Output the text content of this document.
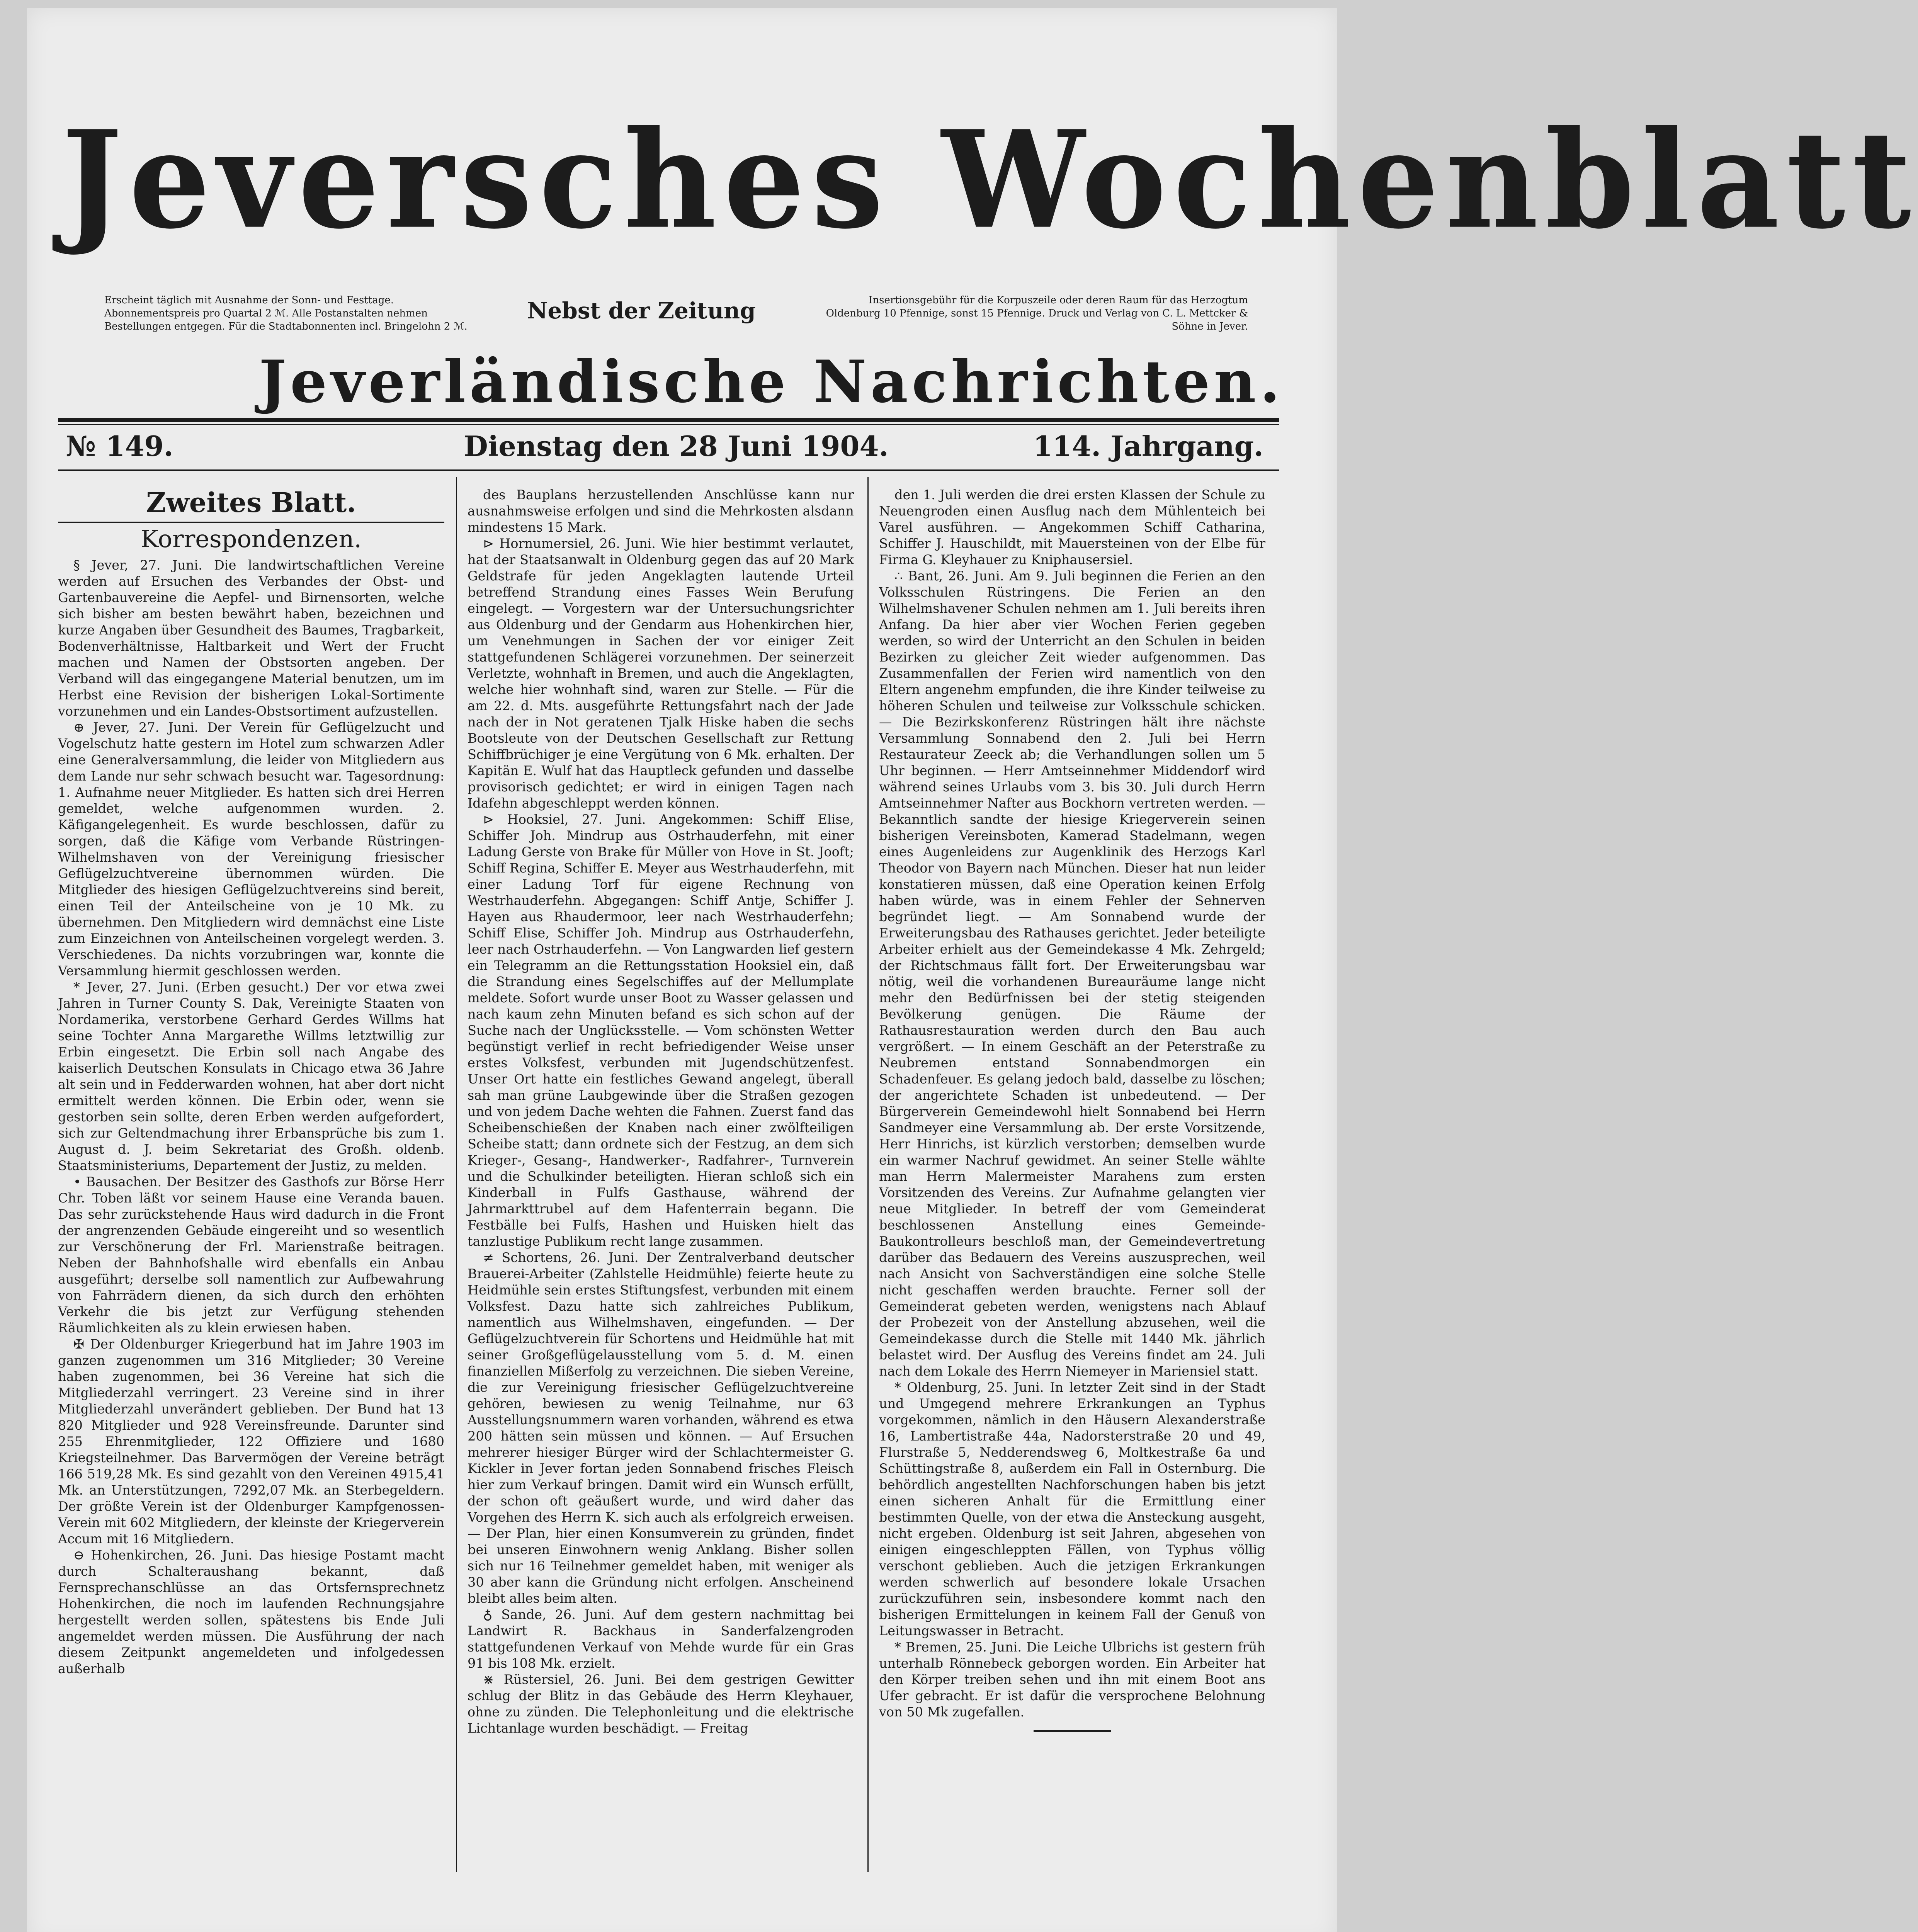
Jeversches Wochenblatt
Erscheint täglich mit Ausnahme der Sonn- und Festtage. Abonnementspreis pro Quartal 2 ℳ. Alle Postanstalten nehmen Bestellungen entgegen. Für die Stadtabonnenten incl. Bringelohn 2 ℳ.
Nebst der Zeitung	Insertionsgebühr für die Korpuszeile oder deren Raum für das Herzogtum Oldenburg 10 Pfennige, sonst 15 Pfennige. Druck und Verlag von C. L. Mettcker & Söhne in Jever.
Jeverländische Nachrichten.
№ 149.	Dienstag den 28 Juni 1904.	114. Jahrgang.
Zweites Blatt.
Korrespondenzen.

§ Jever, 27. Juni. Die landwirtschaftlichen Vereine werden auf Ersuchen des Verbandes der Obst- und Gartenbauvereine die Aepfel- und Birnensorten, welche sich bisher am besten bewährt haben, bezeichnen und kurze Angaben über Gesundheit des Baumes, Tragbarkeit, Bodenverhältnisse, Haltbarkeit und Wert der Frucht machen und Namen der Obstsorten angeben. Der Verband will das eingegangene Material benutzen, um im Herbst eine Revision der bisherigen Lokal-Sortimente vorzunehmen und ein Landes-Obstsortiment aufzustellen.

⊕ Jever, 27. Juni. Der Verein für Geflügelzucht und Vogelschutz hatte gestern im Hotel zum schwarzen Adler eine Generalversammlung, die leider von Mitgliedern aus dem Lande nur sehr schwach besucht war. Tagesordnung: 1. Aufnahme neuer Mitglieder. Es hatten sich drei Herren gemeldet, welche aufgenommen wurden. 2. Käfigangelegenheit. Es wurde beschlossen, dafür zu sorgen, daß die Käfige vom Verbande Rüstringen-Wilhelmshaven von der Vereinigung friesischer Geflügelzuchtvereine übernommen würden. Die Mitglieder des hiesigen Geflügelzuchtvereins sind bereit, einen Teil der Anteilscheine von je 10 Mk. zu übernehmen. Den Mitgliedern wird demnächst eine Liste zum Einzeichnen von Anteilscheinen vorgelegt werden. 3. Verschiedenes. Da nichts vorzubringen war, konnte die Versammlung hiermit geschlossen werden.

* Jever, 27. Juni. (Erben gesucht.) Der vor etwa zwei Jahren in Turner County S. Dak, Vereinigte Staaten von Nordamerika, verstorbene Gerhard Gerdes Willms hat seine Tochter Anna Margarethe Willms letztwillig zur Erbin eingesetzt. Die Erbin soll nach Angabe des kaiserlich Deutschen Konsulats in Chicago etwa 36 Jahre alt sein und in Fedderwarden wohnen, hat aber dort nicht ermittelt werden können. Die Erbin oder, wenn sie gestorben sein sollte, deren Erben werden aufgefordert, sich zur Geltendmachung ihrer Erbansprüche bis zum 1. August d. J. beim Sekretariat des Großh. oldenb. Staatsministeriums, Departement der Justiz, zu melden.

• Bausachen. Der Besitzer des Gasthofs zur Börse Herr Chr. Toben läßt vor seinem Hause eine Veranda bauen. Das sehr zurückstehende Haus wird dadurch in die Front der angrenzenden Gebäude eingereiht und so wesentlich zur Verschönerung der Frl. Marienstraße beitragen. Neben der Bahnhofshalle wird ebenfalls ein Anbau ausgeführt; derselbe soll namentlich zur Aufbewahrung von Fahrrädern dienen, da sich durch den erhöhten Verkehr die bis jetzt zur Verfügung stehenden Räumlichkeiten als zu klein erwiesen haben.

✠ Der Oldenburger Kriegerbund hat im Jahre 1903 im ganzen zugenommen um 316 Mitglieder; 30 Vereine haben zugenommen, bei 36 Vereine hat sich die Mitgliederzahl verringert. 23 Vereine sind in ihrer Mitgliederzahl unverändert geblieben. Der Bund hat 13 820 Mitglieder und 928 Vereinsfreunde. Darunter sind 255 Ehrenmitglieder, 122 Offiziere und 1680 Kriegsteilnehmer. Das Barvermögen der Vereine beträgt 166 519,28 Mk. Es sind gezahlt von den Vereinen 4915,41 Mk. an Unterstützungen, 7292,07 Mk. an Sterbegeldern. Der größte Verein ist der Oldenburger Kampfgenossen-Verein mit 602 Mitgliedern, der kleinste der Kriegerverein Accum mit 16 Mitgliedern.

⊖ Hohenkirchen, 26. Juni. Das hiesige Postamt macht durch Schalteraushang bekannt, daß Fernsprechanschlüsse an das Ortsfernsprechnetz Hohenkirchen, die noch im laufenden Rechnungsjahre hergestellt werden sollen, spätestens bis Ende Juli angemeldet werden müssen. Die Ausführung der nach diesem Zeitpunkt angemeldeten und infolgedessen außerhalb

des Bauplans herzustellenden Anschlüsse kann nur ausnahmsweise erfolgen und sind die Mehrkosten alsdann mindestens 15 Mark.

⊳ Hornumersiel, 26. Juni. Wie hier bestimmt verlautet, hat der Staatsanwalt in Oldenburg gegen das auf 20 Mark Geldstrafe für jeden Angeklagten lautende Urteil betreffend Strandung eines Fasses Wein Berufung eingelegt. — Vorgestern war der Untersuchungsrichter aus Oldenburg und der Gendarm aus Hohenkirchen hier, um Venehmungen in Sachen der vor einiger Zeit stattgefundenen Schlägerei vorzunehmen. Der seinerzeit Verletzte, wohnhaft in Bremen, und auch die Angeklagten, welche hier wohnhaft sind, waren zur Stelle. — Für die am 22. d. Mts. ausgeführte Rettungsfahrt nach der Jade nach der in Not geratenen Tjalk Hiske haben die sechs Bootsleute von der Deutschen Gesellschaft zur Rettung Schiffbrüchiger je eine Vergütung von 6 Mk. erhalten. Der Kapitän E. Wulf hat das Hauptleck gefunden und dasselbe provisorisch gedichtet; er wird in einigen Tagen nach Idafehn abgeschleppt werden können.

⊳ Hooksiel, 27. Juni. Angekommen: Schiff Elise, Schiffer Joh. Mindrup aus Ostrhauderfehn, mit einer Ladung Gerste von Brake für Müller von Hove in St. Jooft; Schiff Regina, Schiffer E. Meyer aus Westrhauderfehn, mit einer Ladung Torf für eigene Rechnung von Westrhauderfehn. Abgegangen: Schiff Antje, Schiffer J. Hayen aus Rhaudermoor, leer nach Westrhauderfehn; Schiff Elise, Schiffer Joh. Mindrup aus Ostrhauderfehn, leer nach Ostrhauderfehn. — Von Langwarden lief gestern ein Telegramm an die Rettungsstation Hooksiel ein, daß die Strandung eines Segelschiffes auf der Mellumplate meldete. Sofort wurde unser Boot zu Wasser gelassen und nach kaum zehn Minuten befand es sich schon auf der Suche nach der Unglücksstelle. — Vom schönsten Wetter begünstigt verlief in recht befriedigender Weise unser erstes Volksfest, verbunden mit Jugendschützenfest. Unser Ort hatte ein festliches Gewand angelegt, überall sah man grüne Laubgewinde über die Straßen gezogen und von jedem Dache wehten die Fahnen. Zuerst fand das Scheibenschießen der Knaben nach einer zwölfteiligen Scheibe statt; dann ordnete sich der Festzug, an dem sich Krieger-, Gesang-, Handwerker-, Radfahrer-, Turnverein und die Schulkinder beteiligten. Hieran schloß sich ein Kinderball in Fulfs Gasthause, während der Jahrmarkttrubel auf dem Hafenterrain begann. Die Festbälle bei Fulfs, Hashen und Huisken hielt das tanzlustige Publikum recht lange zusammen.

≠ Schortens, 26. Juni. Der Zentralverband deutscher Brauerei-Arbeiter (Zahlstelle Heidmühle) feierte heute zu Heidmühle sein erstes Stiftungsfest, verbunden mit einem Volksfest. Dazu hatte sich zahlreiches Publikum, namentlich aus Wilhelmshaven, eingefunden. — Der Geflügelzuchtverein für Schortens und Heidmühle hat mit seiner Großgeflügelausstellung vom 5. d. M. einen finanziellen Mißerfolg zu verzeichnen. Die sieben Vereine, die zur Vereinigung friesischer Geflügelzuchtvereine gehören, bewiesen zu wenig Teilnahme, nur 63 Ausstellungsnummern waren vorhanden, während es etwa 200 hätten sein müssen und können. — Auf Ersuchen mehrerer hiesiger Bürger wird der Schlachtermeister G. Kickler in Jever fortan jeden Sonnabend frisches Fleisch hier zum Verkauf bringen. Damit wird ein Wunsch erfüllt, der schon oft geäußert wurde, und wird daher das Vorgehen des Herrn K. sich auch als erfolgreich erweisen. — Der Plan, hier einen Konsumverein zu gründen, findet bei unseren Einwohnern wenig Anklang. Bisher sollen sich nur 16 Teilnehmer gemeldet haben, mit weniger als 30 aber kann die Gründung nicht erfolgen. Anscheinend bleibt alles beim alten.

♁ Sande, 26. Juni. Auf dem gestern nachmittag bei Landwirt R. Backhaus in Sanderfalzengroden stattgefundenen Verkauf von Mehde wurde für ein Gras 91 bis 108 Mk. erzielt.

⋇ Rüstersiel, 26. Juni. Bei dem gestrigen Gewitter schlug der Blitz in das Gebäude des Herrn Kleyhauer, ohne zu zünden. Die Telephonleitung und die elektrische Lichtanlage wurden beschädigt. — Freitag

den 1. Juli werden die drei ersten Klassen der Schule zu Neuengroden einen Ausflug nach dem Mühlenteich bei Varel ausführen. — Angekommen Schiff Catharina, Schiffer J. Hauschildt, mit Mauersteinen von der Elbe für Firma G. Kleyhauer zu Kniphausersiel.

∴ Bant, 26. Juni. Am 9. Juli beginnen die Ferien an den Volksschulen Rüstringens. Die Ferien an den Wilhelmshavener Schulen nehmen am 1. Juli bereits ihren Anfang. Da hier aber vier Wochen Ferien gegeben werden, so wird der Unterricht an den Schulen in beiden Bezirken zu gleicher Zeit wieder aufgenommen. Das Zusammenfallen der Ferien wird namentlich von den Eltern angenehm empfunden, die ihre Kinder teilweise zu höheren Schulen und teilweise zur Volksschule schicken. — Die Bezirkskonferenz Rüstringen hält ihre nächste Versammlung Sonnabend den 2. Juli bei Herrn Restaurateur Zeeck ab; die Verhandlungen sollen um 5 Uhr beginnen. — Herr Amtseinnehmer Middendorf wird während seines Urlaubs vom 3. bis 30. Juli durch Herrn Amtseinnehmer Nafter aus Bockhorn vertreten werden. — Bekanntlich sandte der hiesige Kriegerverein seinen bisherigen Vereinsboten, Kamerad Stadelmann, wegen eines Augenleidens zur Augenklinik des Herzogs Karl Theodor von Bayern nach München. Dieser hat nun leider konstatieren müssen, daß eine Operation keinen Erfolg haben würde, was in einem Fehler der Sehnerven begründet liegt. — Am Sonnabend wurde der Erweiterungsbau des Rathauses gerichtet. Jeder beteiligte Arbeiter erhielt aus der Gemeindekasse 4 Mk. Zehrgeld; der Richtschmaus fällt fort. Der Erweiterungsbau war nötig, weil die vorhandenen Bureauräume lange nicht mehr den Bedürfnissen bei der stetig steigenden Bevölkerung genügen. Die Räume der Rathausrestauration werden durch den Bau auch vergrößert. — In einem Geschäft an der Peterstraße zu Neubremen entstand Sonnabendmorgen ein Schadenfeuer. Es gelang jedoch bald, dasselbe zu löschen; der angerichtete Schaden ist unbedeutend. — Der Bürgerverein Gemeindewohl hielt Sonnabend bei Herrn Sandmeyer eine Versammlung ab. Der erste Vorsitzende, Herr Hinrichs, ist kürzlich verstorben; demselben wurde ein warmer Nachruf gewidmet. An seiner Stelle wählte man Herrn Malermeister Marahens zum ersten Vorsitzenden des Vereins. Zur Aufnahme gelangten vier neue Mitglieder. In betreff der vom Gemeinderat beschlossenen Anstellung eines Gemeinde-Baukontrolleurs beschloß man, der Gemeindevertretung darüber das Bedauern des Vereins auszusprechen, weil nach Ansicht von Sachverständigen eine solche Stelle nicht geschaffen werden brauchte. Ferner soll der Gemeinderat gebeten werden, wenigstens nach Ablauf der Probezeit von der Anstellung abzusehen, weil die Gemeindekasse durch die Stelle mit 1440 Mk. jährlich belastet wird. Der Ausflug des Vereins findet am 24. Juli nach dem Lokale des Herrn Niemeyer in Mariensiel statt.

* Oldenburg, 25. Juni. In letzter Zeit sind in der Stadt und Umgegend mehrere Erkrankungen an Typhus vorgekommen, nämlich in den Häusern Alexanderstraße 16, Lambertistraße 44a, Nadorsterstraße 20 und 49, Flurstraße 5, Nedderendsweg 6, Moltkestraße 6a und Schüttingstraße 8, außerdem ein Fall in Osternburg. Die behördlich angestellten Nachforschungen haben bis jetzt einen sicheren Anhalt für die Ermittlung einer bestimmten Quelle, von der etwa die Ansteckung ausgeht, nicht ergeben. Oldenburg ist seit Jahren, abgesehen von einigen eingeschleppten Fällen, von Typhus völlig verschont geblieben. Auch die jetzigen Erkrankungen werden schwerlich auf besondere lokale Ursachen zurückzuführen sein, insbesondere kommt nach den bisherigen Ermittelungen in keinem Fall der Genuß von Leitungswasser in Betracht.

* Bremen, 25. Juni. Die Leiche Ulbrichs ist gestern früh unterhalb Rönnebeck geborgen worden. Ein Arbeiter hat den Körper treiben sehen und ihn mit einem Boot ans Ufer gebracht. Er ist dafür die versprochene Belohnung von 50 Mk zugefallen.
